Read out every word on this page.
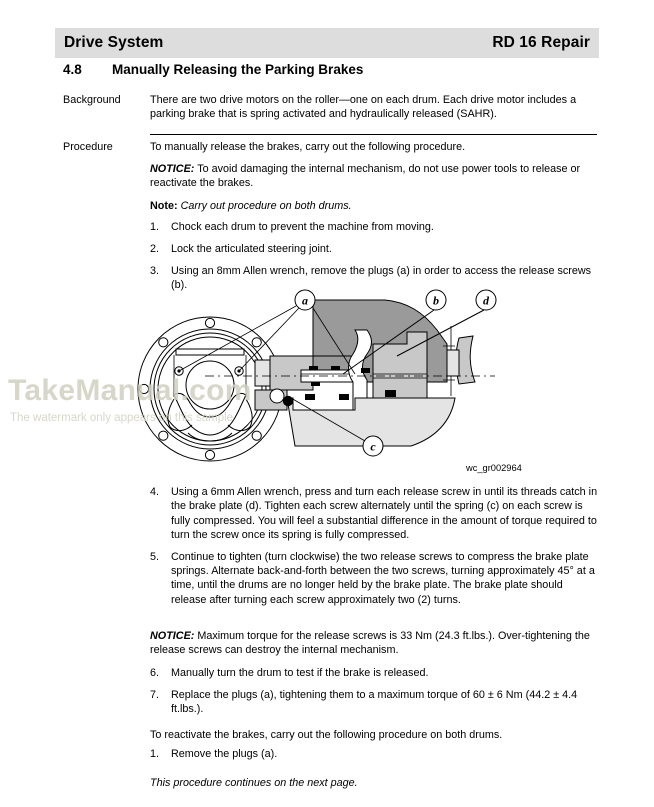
Drive System	RD 16 Repair
4.8	Manually Releasing the Parking Brakes
Background	There are two drive motors on the roller—one on each drum. Each drive motor includes a parking brake that is spring activated and hydraulically released (SAHR).
Procedure	To manually release the brakes, carry out the following procedure.

NOTICE: To avoid damaging the internal mechanism, do not use power tools to release or reactivate the brakes.

Note: Carry out procedure on both drums.

1.	Chock each drum to prevent the machine from moving.
2.	Lock the articulated steering joint.
3.	Using an 8mm Allen wrench, remove the plugs (a) in order to access the release screws (b).
a	b	d
c
wc_gr002964
TakeManual.com
The watermark only appears on this sample
4.	Using a 6mm Allen wrench, press and turn each release screw in until its threads catch in the brake plate (d). Tighten each screw alternately until the spring (c) on each screw is fully compressed. You will feel a substantial difference in the amount of torque required to turn the screw once its spring is fully compressed.
5.	Continue to tighten (turn clockwise) the two release screws to compress the brake plate springs. Alternate back-and-forth between the two screws, turning approximately 45° at a time, until the drums are no longer held by the brake plate. The brake plate should release after turning each screw approximately two (2) turns.
NOTICE: Maximum torque for the release screws is 33 Nm (24.3 ft.lbs.). Over-tightening the release screws can destroy the internal mechanism.
6.	Manually turn the drum to test if the brake is released.
7.	Replace the plugs (a), tightening them to a maximum torque of 60 ± 6 Nm (44.2 ± 4.4 ft.lbs.).
To reactivate the brakes, carry out the following procedure on both drums.
1.	Remove the plugs (a).
This procedure continues on the next page.
